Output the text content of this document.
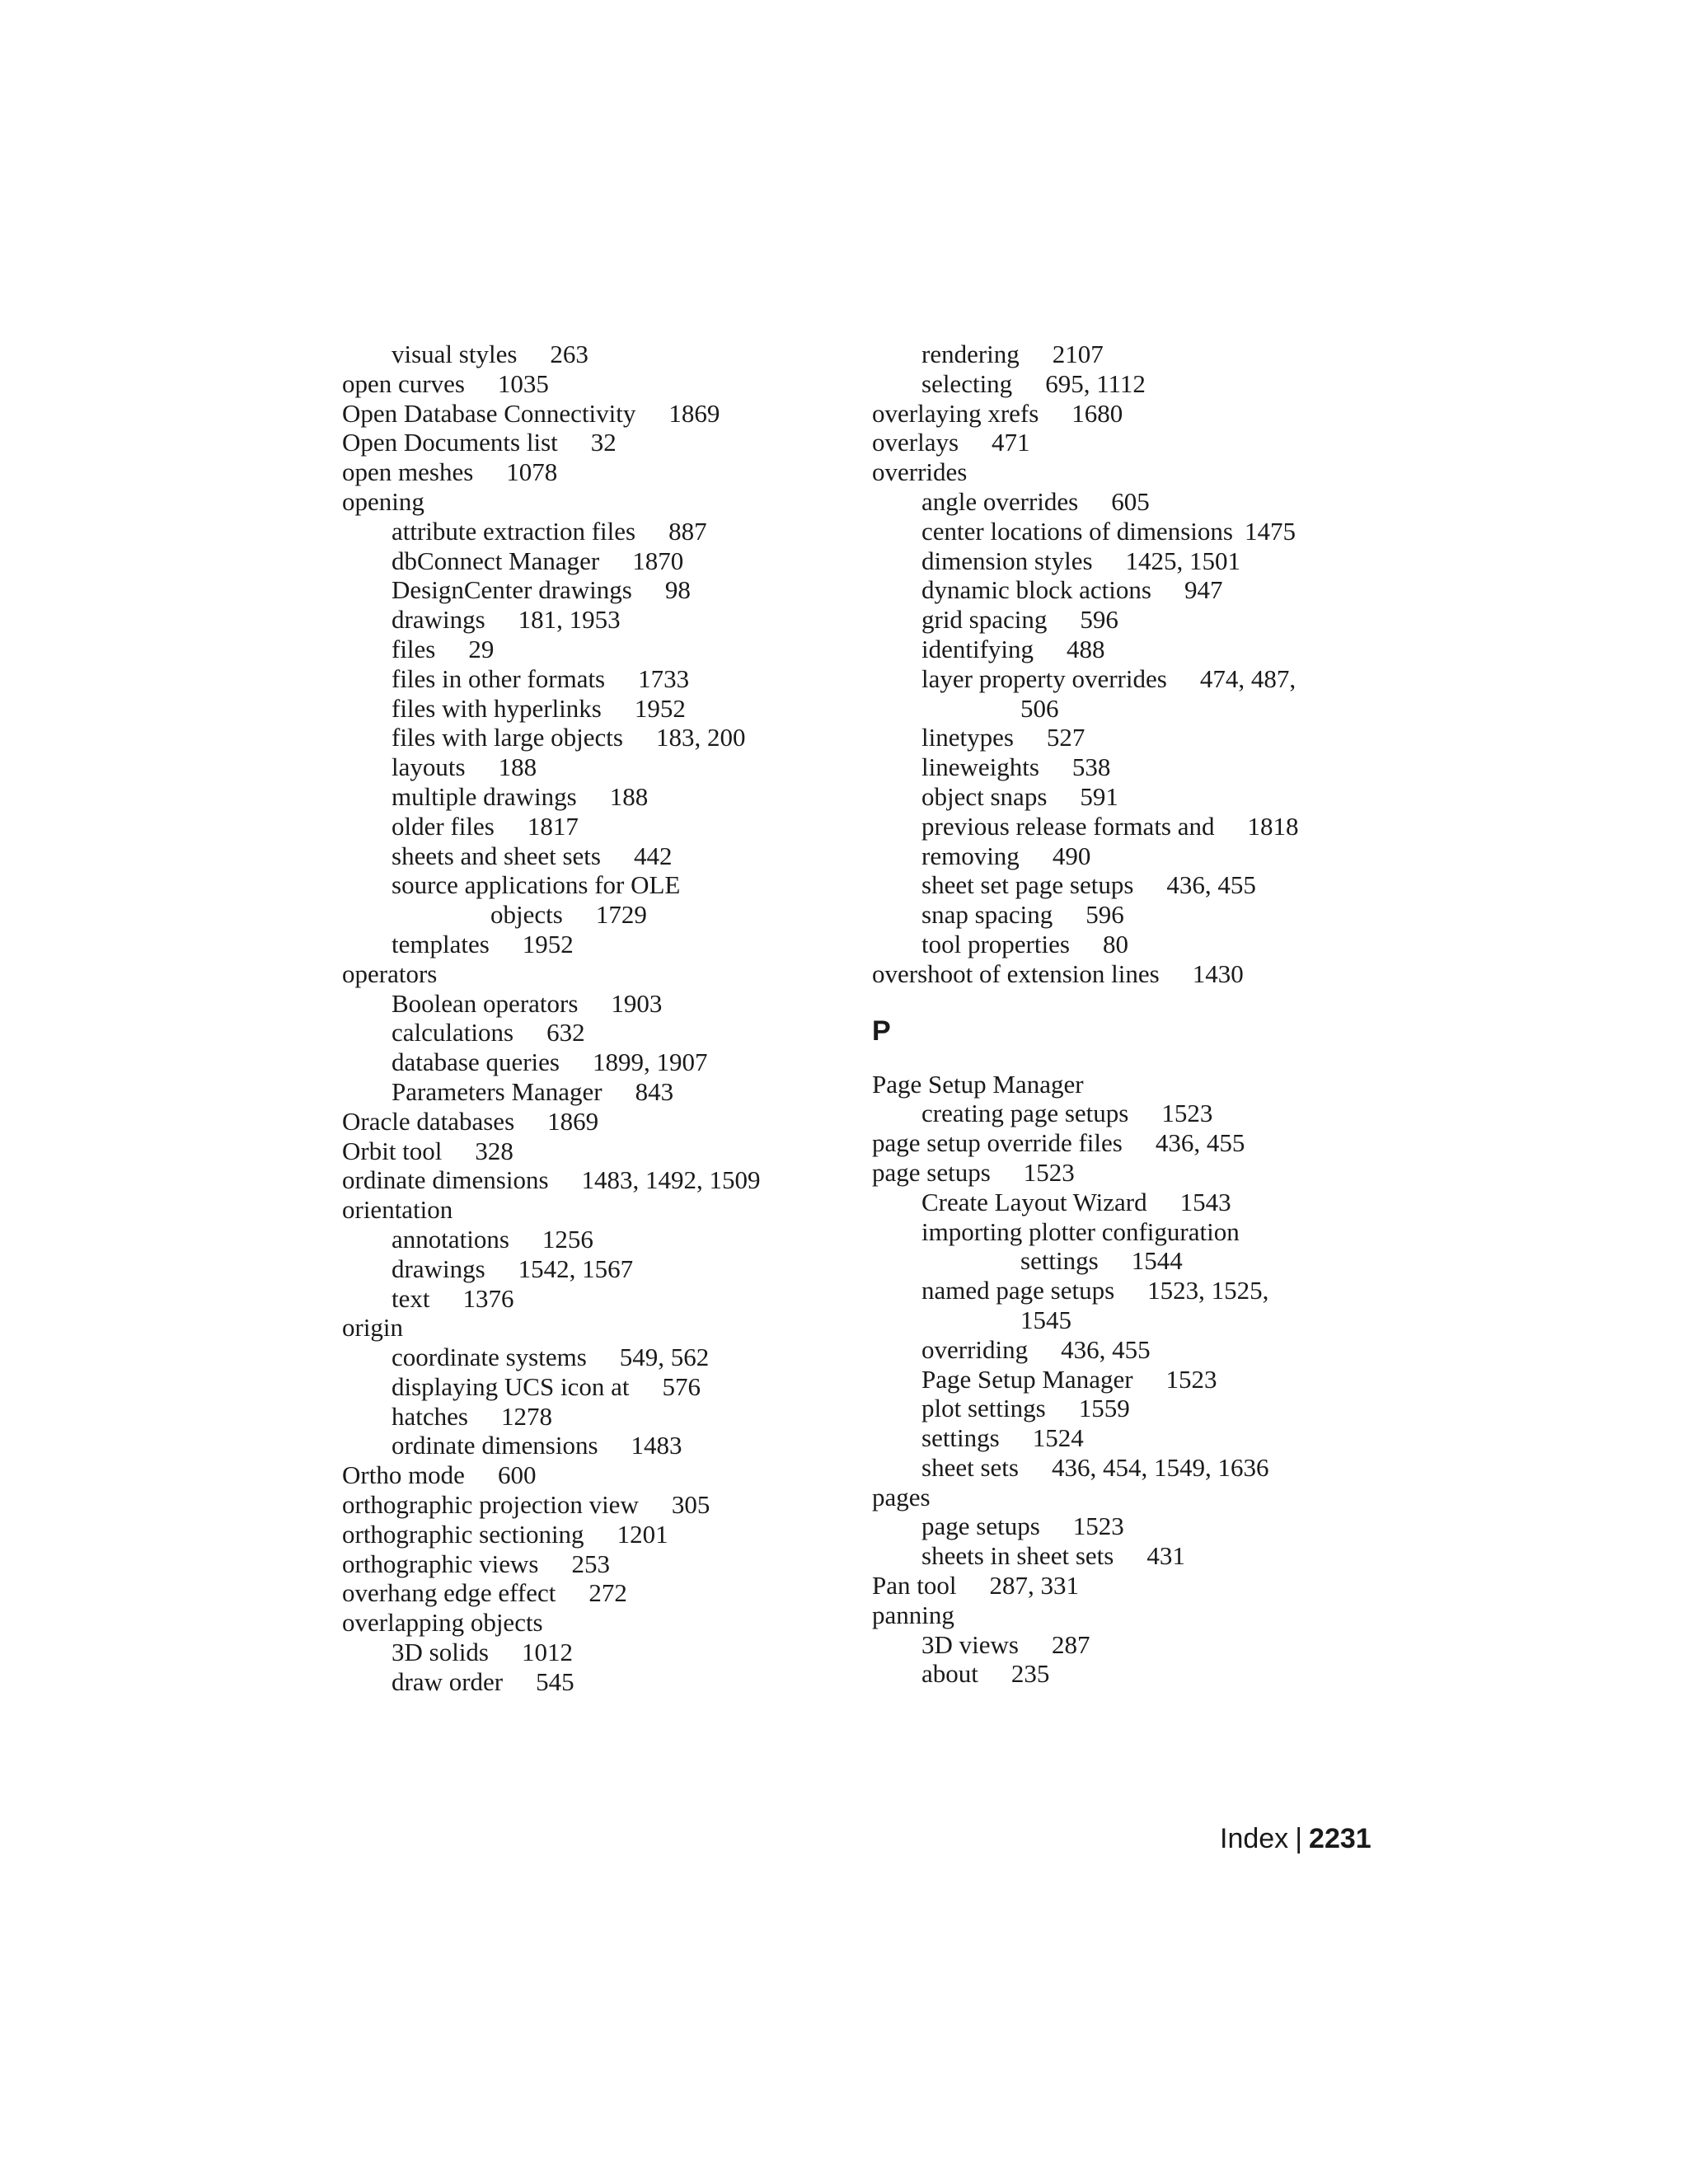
visual styles 263
open curves 1035
Open Database Connectivity 1869
Open Documents list 32
open meshes 1078
opening
attribute extraction files 887
dbConnect Manager 1870
DesignCenter drawings 98
drawings 181, 1953
files 29
files in other formats 1733
files with hyperlinks 1952
files with large objects 183, 200
layouts 188
multiple drawings 188
older files 1817
sheets and sheet sets 442
source applications for OLE
objects 1729
templates 1952
operators
Boolean operators 1903
calculations 632
database queries 1899, 1907
Parameters Manager 843
Oracle databases 1869
Orbit tool 328
ordinate dimensions 1483, 1492, 1509
orientation
annotations 1256
drawings 1542, 1567
text 1376
origin
coordinate systems 549, 562
displaying UCS icon at 576
hatches 1278
ordinate dimensions 1483
Ortho mode 600
orthographic projection view 305
orthographic sectioning 1201
orthographic views 253
overhang edge effect 272
overlapping objects
3D solids 1012
draw order 545
rendering 2107
selecting 695, 1112
overlaying xrefs 1680
overlays 471
overrides
angle overrides 605
center locations of dimensions 1475
dimension styles 1425, 1501
dynamic block actions 947
grid spacing 596
identifying 488
layer property overrides 474, 487,
506
linetypes 527
lineweights 538
object snaps 591
previous release formats and 1818
removing 490
sheet set page setups 436, 455
snap spacing 596
tool properties 80
overshoot of extension lines 1430
P
Page Setup Manager
creating page setups 1523
page setup override files 436, 455
page setups 1523
Create Layout Wizard 1543
importing plotter configuration
settings 1544
named page setups 1523, 1525,
1545
overriding 436, 455
Page Setup Manager 1523
plot settings 1559
settings 1524
sheet sets 436, 454, 1549, 1636
pages
page setups 1523
sheets in sheet sets 431
Pan tool 287, 331
panning
3D views 287
about 235
Index | 2231
